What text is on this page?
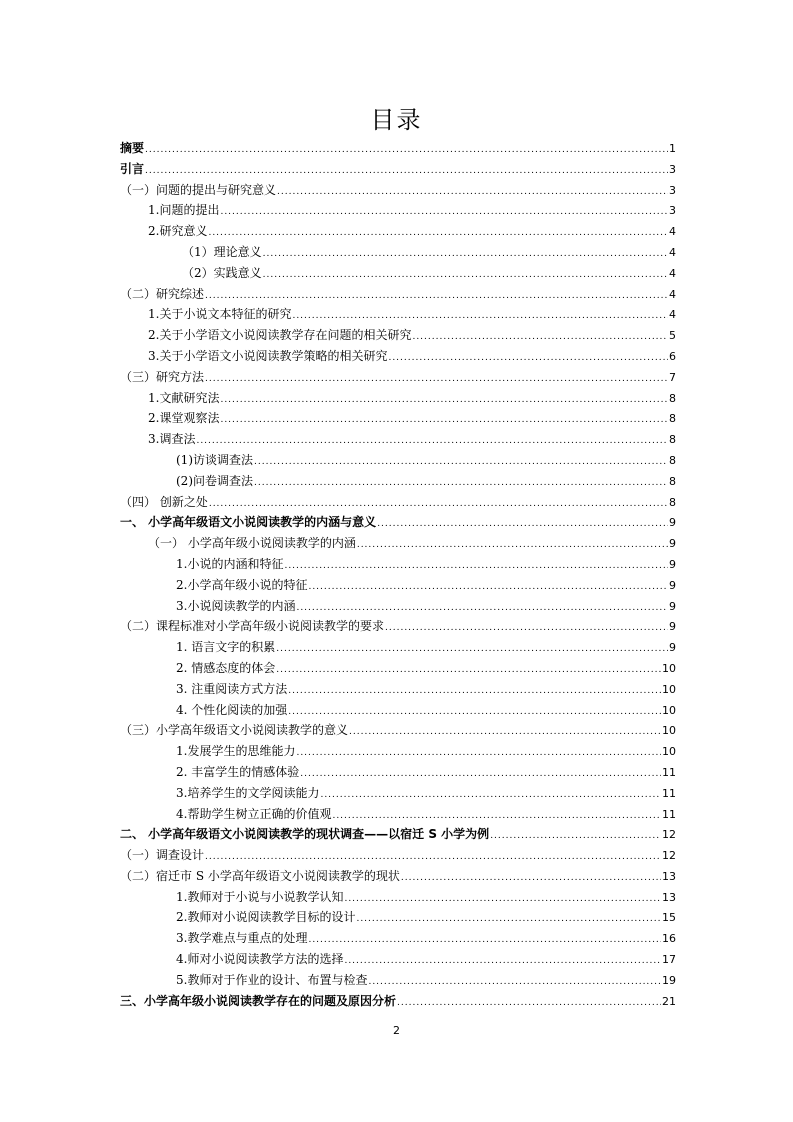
目录
摘要 .....	1
引言 .....	3
（一）问题的提出与研究意义 .....	3
1.问题的提出 .....	3
2.研究意义 .....	4
（1）理论意义 .....	4
（2）实践意义 .....	4
（二）研究综述 .....	4
1.关于小说文本特征的研究 .....	4
2.关于小学语文小说阅读教学存在问题的相关研究 .....	5
3.关于小学语文小说阅读教学策略的相关研究 .....	6
（三）研究方法 .....	7
1.文献研究法 .....	8
2.课堂观察法 .....	8
3.调查法 .....	8
(1)访谈调查法 .....	8
(2)问卷调查法 .....	8
（四） 创新之处 .....	8
一、 小学高年级语文小说阅读教学的内涵与意义 .....	9
（一） 小学高年级小说阅读教学的内涵 .....	9
1.小说的内涵和特征 .....	9
2.小学高年级小说的特征 .....	9
3.小说阅读教学的内涵 .....	9
（二）课程标准对小学高年级小说阅读教学的要求 .....	9
1. 语言文字的积累 .....	9
2. 情感态度的体会 .....	10
3. 注重阅读方式方法 .....	10
4. 个性化阅读的加强 .....	10
（三）小学高年级语文小说阅读教学的意义 .....	10
1.发展学生的思维能力 .....	10
2. 丰富学生的情感体验 .....	11
3.培养学生的文学阅读能力 .....	11
4.帮助学生树立正确的价值观 .....	11
二、 小学高年级语文小说阅读教学的现状调查——以宿迁 S 小学为例 .....	12
（一）调查设计 .....	12
（二）宿迁市 S 小学高年级语文小说阅读教学的现状 .....	13
1.教师对于小说与小说教学认知 .....	13
2.教师对小说阅读教学目标的设计 .....	15
3.教学难点与重点的处理 .....	16
4.师对小说阅读教学方法的选择 .....	17
5.教师对于作业的设计、布置与检查 .....	19
三、小学高年级小说阅读教学存在的问题及原因分析 .....	21
2
